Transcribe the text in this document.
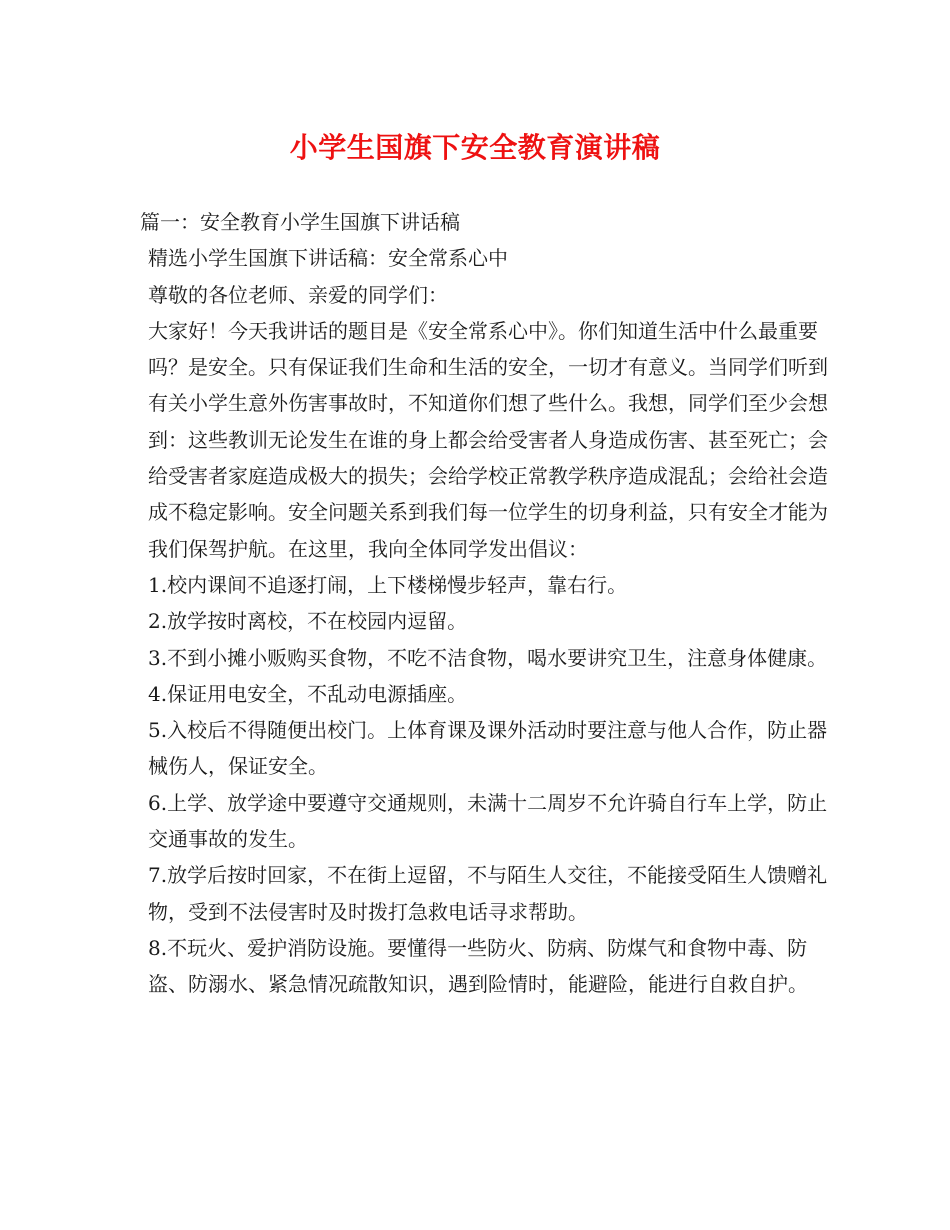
小学生国旗下安全教育演讲稿

篇一：安全教育小学生国旗下讲话稿

精选小学生国旗下讲话稿：安全常系心中

尊敬的各位老师、亲爱的同学们：

大家好！今天我讲话的题目是《安全常系心中》。你们知道生活中什么最重要吗？是安全。只有保证我们生命和生活的安全，一切才有意义。当同学们听到有关小学生意外伤害事故时，不知道你们想了些什么。我想，同学们至少会想到：这些教训无论发生在谁的身上都会给受害者人身造成伤害、甚至死亡；会给受害者家庭造成极大的损失；会给学校正常教学秩序造成混乱；会给社会造成不稳定影响。安全问题关系到我们每一位学生的切身利益，只有安全才能为我们保驾护航。在这里，我向全体同学发出倡议：

1.校内课间不追逐打闹，上下楼梯慢步轻声，靠右行。

2.放学按时离校，不在校园内逗留。

3.不到小摊小贩购买食物，不吃不洁食物，喝水要讲究卫生，注意身体健康。

4.保证用电安全，不乱动电源插座。

5.入校后不得随便出校门。上体育课及课外活动时要注意与他人合作，防止器械伤人，保证安全。

6.上学、放学途中要遵守交通规则，未满十二周岁不允许骑自行车上学，防止交通事故的发生。

7.放学后按时回家，不在街上逗留，不与陌生人交往，不能接受陌生人馈赠礼物，受到不法侵害时及时拨打急救电话寻求帮助。

8.不玩火、爱护消防设施。要懂得一些防火、防病、防煤气和食物中毒、防盗、防溺水、紧急情况疏散知识，遇到险情时，能避险，能进行自救自护。
